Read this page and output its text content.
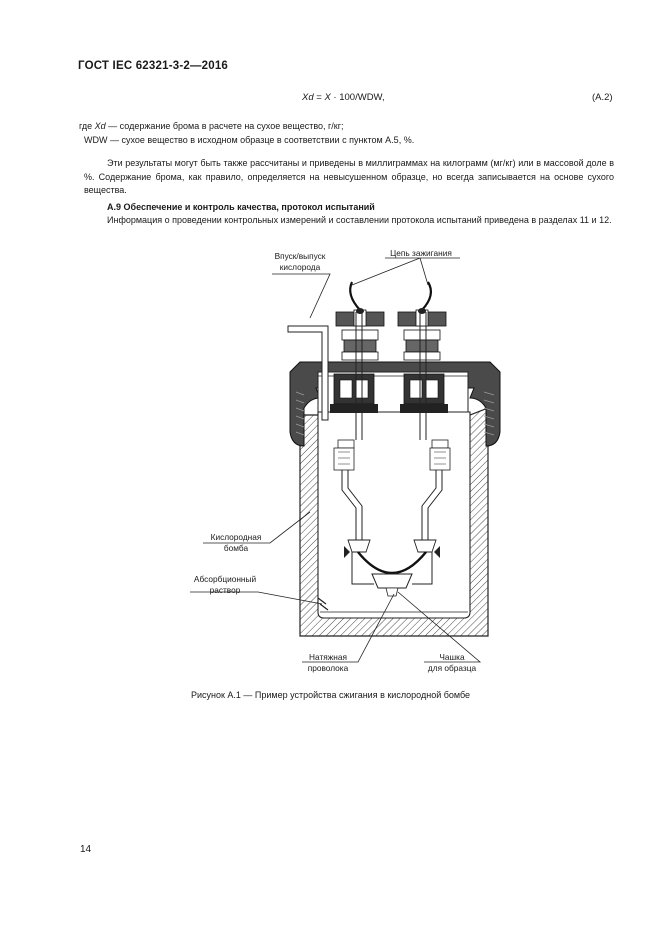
ГОСТ IEC 62321-3-2—2016
Xd = X · 100/WDW,	(A.2)
где Xd — содержание брома в расчете на сухое вещество, г/кг;
WDW — сухое вещество в исходном образце в соответствии с пунктом А.5, %.
Эти результаты могут быть также рассчитаны и приведены в миллиграммах на килограмм (мг/кг) или в массовой доле в %. Содержание брома, как правило, определяется на невысушенном образце, но всегда записывается на основе сухого вещества.
А.9 Обеспечение и контроль качества, протокол испытаний
Информация о проведении контрольных измерений и составлении протокола испытаний приведена в разделах 11 и 12.
Впуск/выпуск
кислорода
Цепь зажигания
Кислородная
бомба
Абсорбционный
раствор
Натяжная
проволока
Чашка
для образца
Рисунок А.1 — Пример устройства сжигания в кислородной бомбе
14
